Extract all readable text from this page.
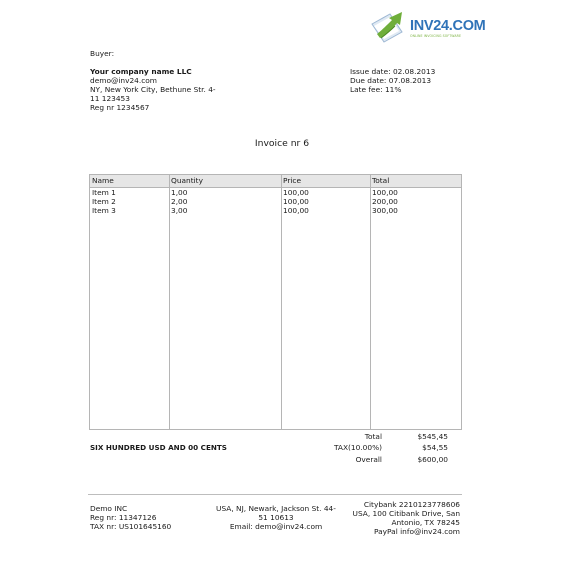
INV24.COM
ONLINE INVOICING SOFTWARE
Buyer:
Your company name LLC
demo@inv24.com
NY, New York City, Bethune Str. 4-
11 123453
Reg nr 1234567
Issue date: 02.08.2013
Due date: 07.08.2013
Late fee: 11%
Invoice nr 6
Name	Quantity	Price	Total
Item 1	1,00	100,00	100,00
Item 2	2,00	100,00	200,00
Item 3	3,00	100,00	300,00
SIX HUNDRED USD AND 00 CENTS
Total	$545,45
TAX(10.00%)	$54,55
Overall	$600,00
Demo INC
Reg nr: 11347126
TAX nr: US101645160
USA, NJ, Newark, Jackson St. 44-
51 10613
Email: demo@inv24.com
Citybank 2210123778606
USA, 100 Citibank Drive, San
Antonio, TX 78245
PayPal info@inv24.com
